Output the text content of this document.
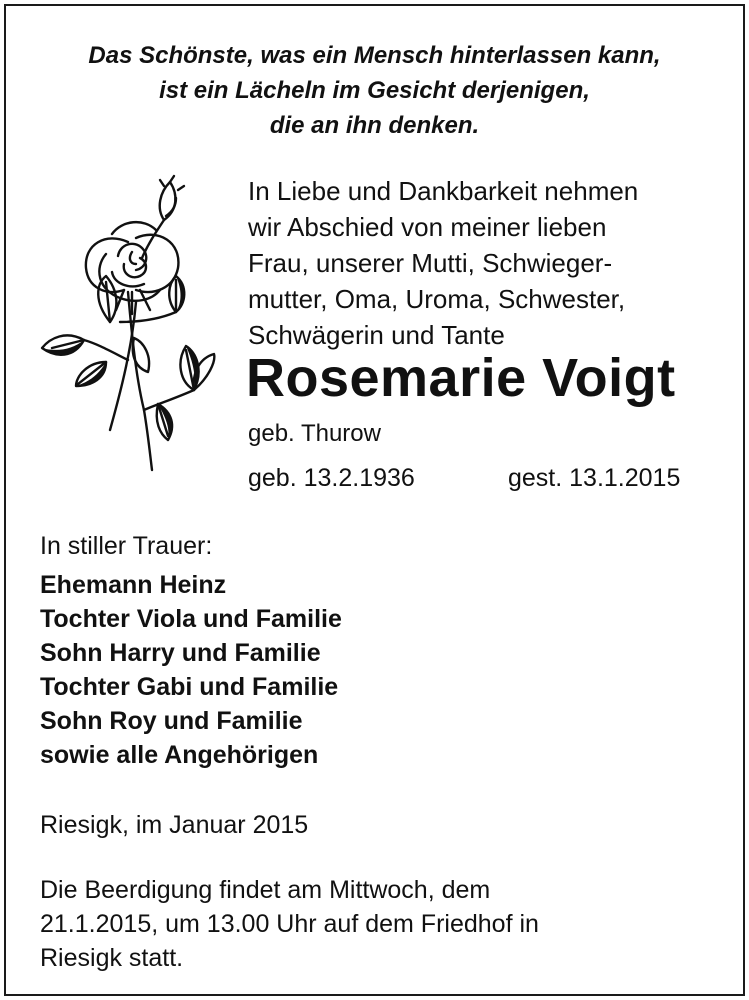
Das Schönste, was ein Mensch hinterlassen kann,
ist ein Lächeln im Gesicht derjenigen,
die an ihn denken.
In Liebe und Dankbarkeit nehmen
wir Abschied von meiner lieben
Frau, unserer Mutti, Schwieger-
mutter, Oma, Uroma, Schwester,
Schwägerin und Tante
Rosemarie Voigt
geb. Thurow
geb. 13.2.1936	gest. 13.1.2015
In stiller Trauer:
Ehemann Heinz
Tochter Viola und Familie
Sohn Harry und Familie
Tochter Gabi und Familie
Sohn Roy und Familie
sowie alle Angehörigen
Riesigk, im Januar 2015
Die Beerdigung findet am Mittwoch, dem
21.1.2015, um 13.00 Uhr auf dem Friedhof in
Riesigk statt.
